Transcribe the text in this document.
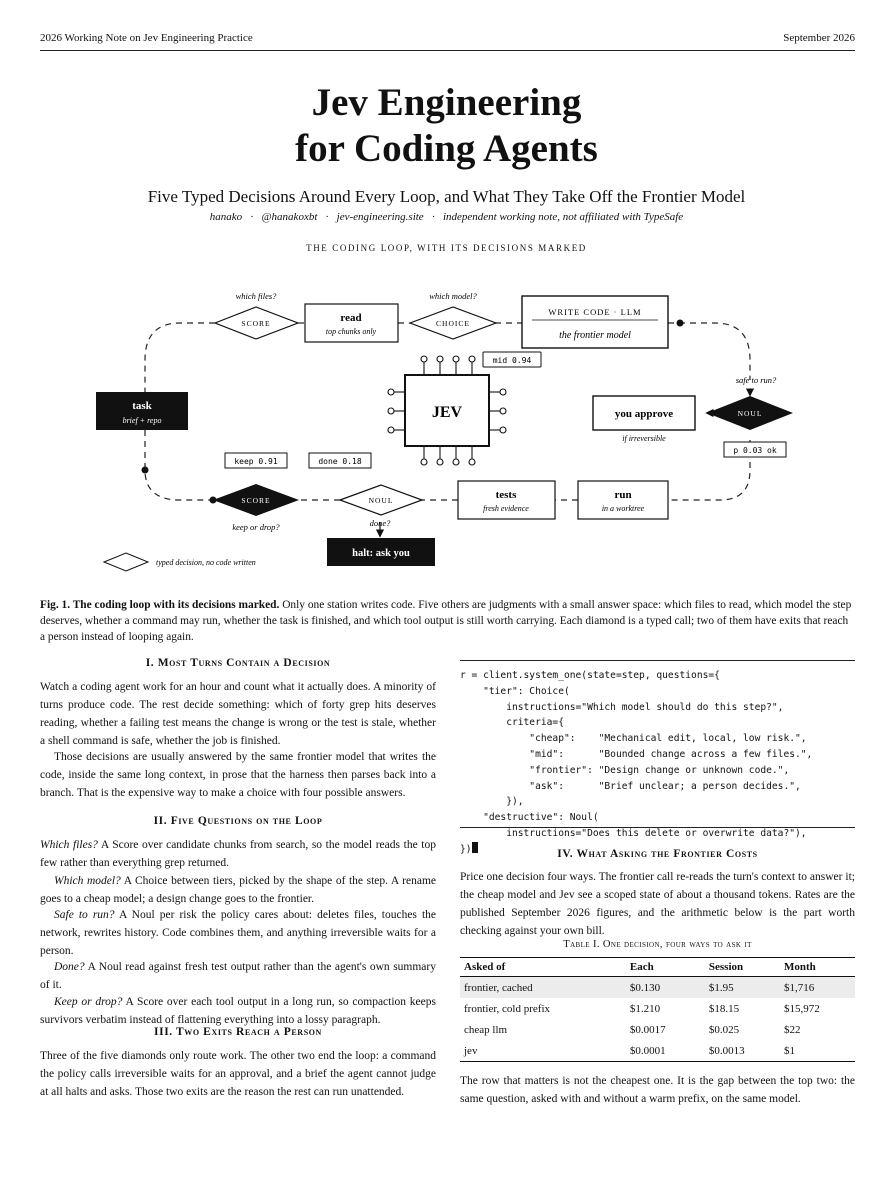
2026 Working Note on Jev Engineering Practice	September 2026
Jev Engineering
for Coding Agents
Five Typed Decisions Around Every Loop, and What They Take Off the Frontier Model
hanako · @hanakoxbt · jev-engineering.site · independent working note, not affiliated with TypeSafe
THE CODING LOOP, WITH ITS DECISIONS MARKED
task
brief + repo
which files?
SCORE	read
top chunks only
which model?
CHOICE
WRITE CODE · LLM
the frontier model
mid 0.94
JEV
safe to run?
NOUL
you approve
if irreversible
p 0.03 ok
keep 0.91	done 0.18
SCORE
keep or drop?
NOUL
done?
halt: ask you
tests
fresh evidence
run
in a worktree
typed decision, no code written
Fig. 1. The coding loop with its decisions marked. Only one station writes code. Five others are judgments with a small answer space: which files to read, which model the step deserves, whether a command may run, whether the task is finished, and which tool output is still worth carrying. Each diamond is a typed call; two of them have exits that reach a person instead of looping again.
I. Most Turns Contain a Decision
Watch a coding agent work for an hour and count what it actually does. A minority of turns produce code. The rest decide something: which of forty grep hits deserves reading, whether a failing test means the change is wrong or the test is stale, whether a shell command is safe, whether the job is finished.
Those decisions are usually answered by the same frontier model that writes the code, inside the same long context, in prose that the harness then parses back into a branch. That is the expensive way to make a choice with four possible answers.
II. Five Questions on the Loop
Which files? A Score over candidate chunks from search, so the model reads the top few rather than everything grep returned.
Which model? A Choice between tiers, picked by the shape of the step. A rename goes to a cheap model; a design change goes to the frontier.
Safe to run? A Noul per risk the policy cares about: deletes files, touches the network, rewrites history. Code combines them, and anything irreversible waits for a person.
Done? A Noul read against fresh test output rather than the agent's own summary of it.
Keep or drop? A Score over each tool output in a long run, so compaction keeps survivors verbatim instead of flattening everything into a lossy paragraph.
III. Two Exits Reach a Person
Three of the five diamonds only route work. The other two end the loop: a command the policy calls irreversible waits for an approval, and a brief the agent cannot judge at all halts and asks. Those two exits are the reason the rest can run unattended.
r = client.system_one(state=step, questions={
"tier": Choice(
instructions="Which model should do this step?",
criteria={
"cheap":    "Mechanical edit, local, low risk.",
"mid":      "Bounded change across a few files.",
"frontier": "Design change or unknown code.",
"ask":      "Brief unclear; a person decides.",
}),
"destructive": Noul(
instructions="Does this delete or overwrite data?"),
})	IV. What Asking the Frontier Costs
Price one decision four ways. The frontier call re-reads the turn's context to answer it; the cheap model and Jev see a scoped state of about a thousand tokens. Rates are the published September 2026 figures, and the arithmetic below is the part worth checking against your own bill.
Table I. One decision, four ways to ask it
Asked of	Each	Session	Month
frontier, cached	$0.130	$1.95	$1,716
frontier, cold prefix	$1.210	$18.15	$15,972
cheap llm	$0.0017	$0.025	$22
jev	$0.0001	$0.0013	$1
The row that matters is not the cheapest one. It is the gap between the top two: the same question, asked with and without a warm prefix, on the same model.
